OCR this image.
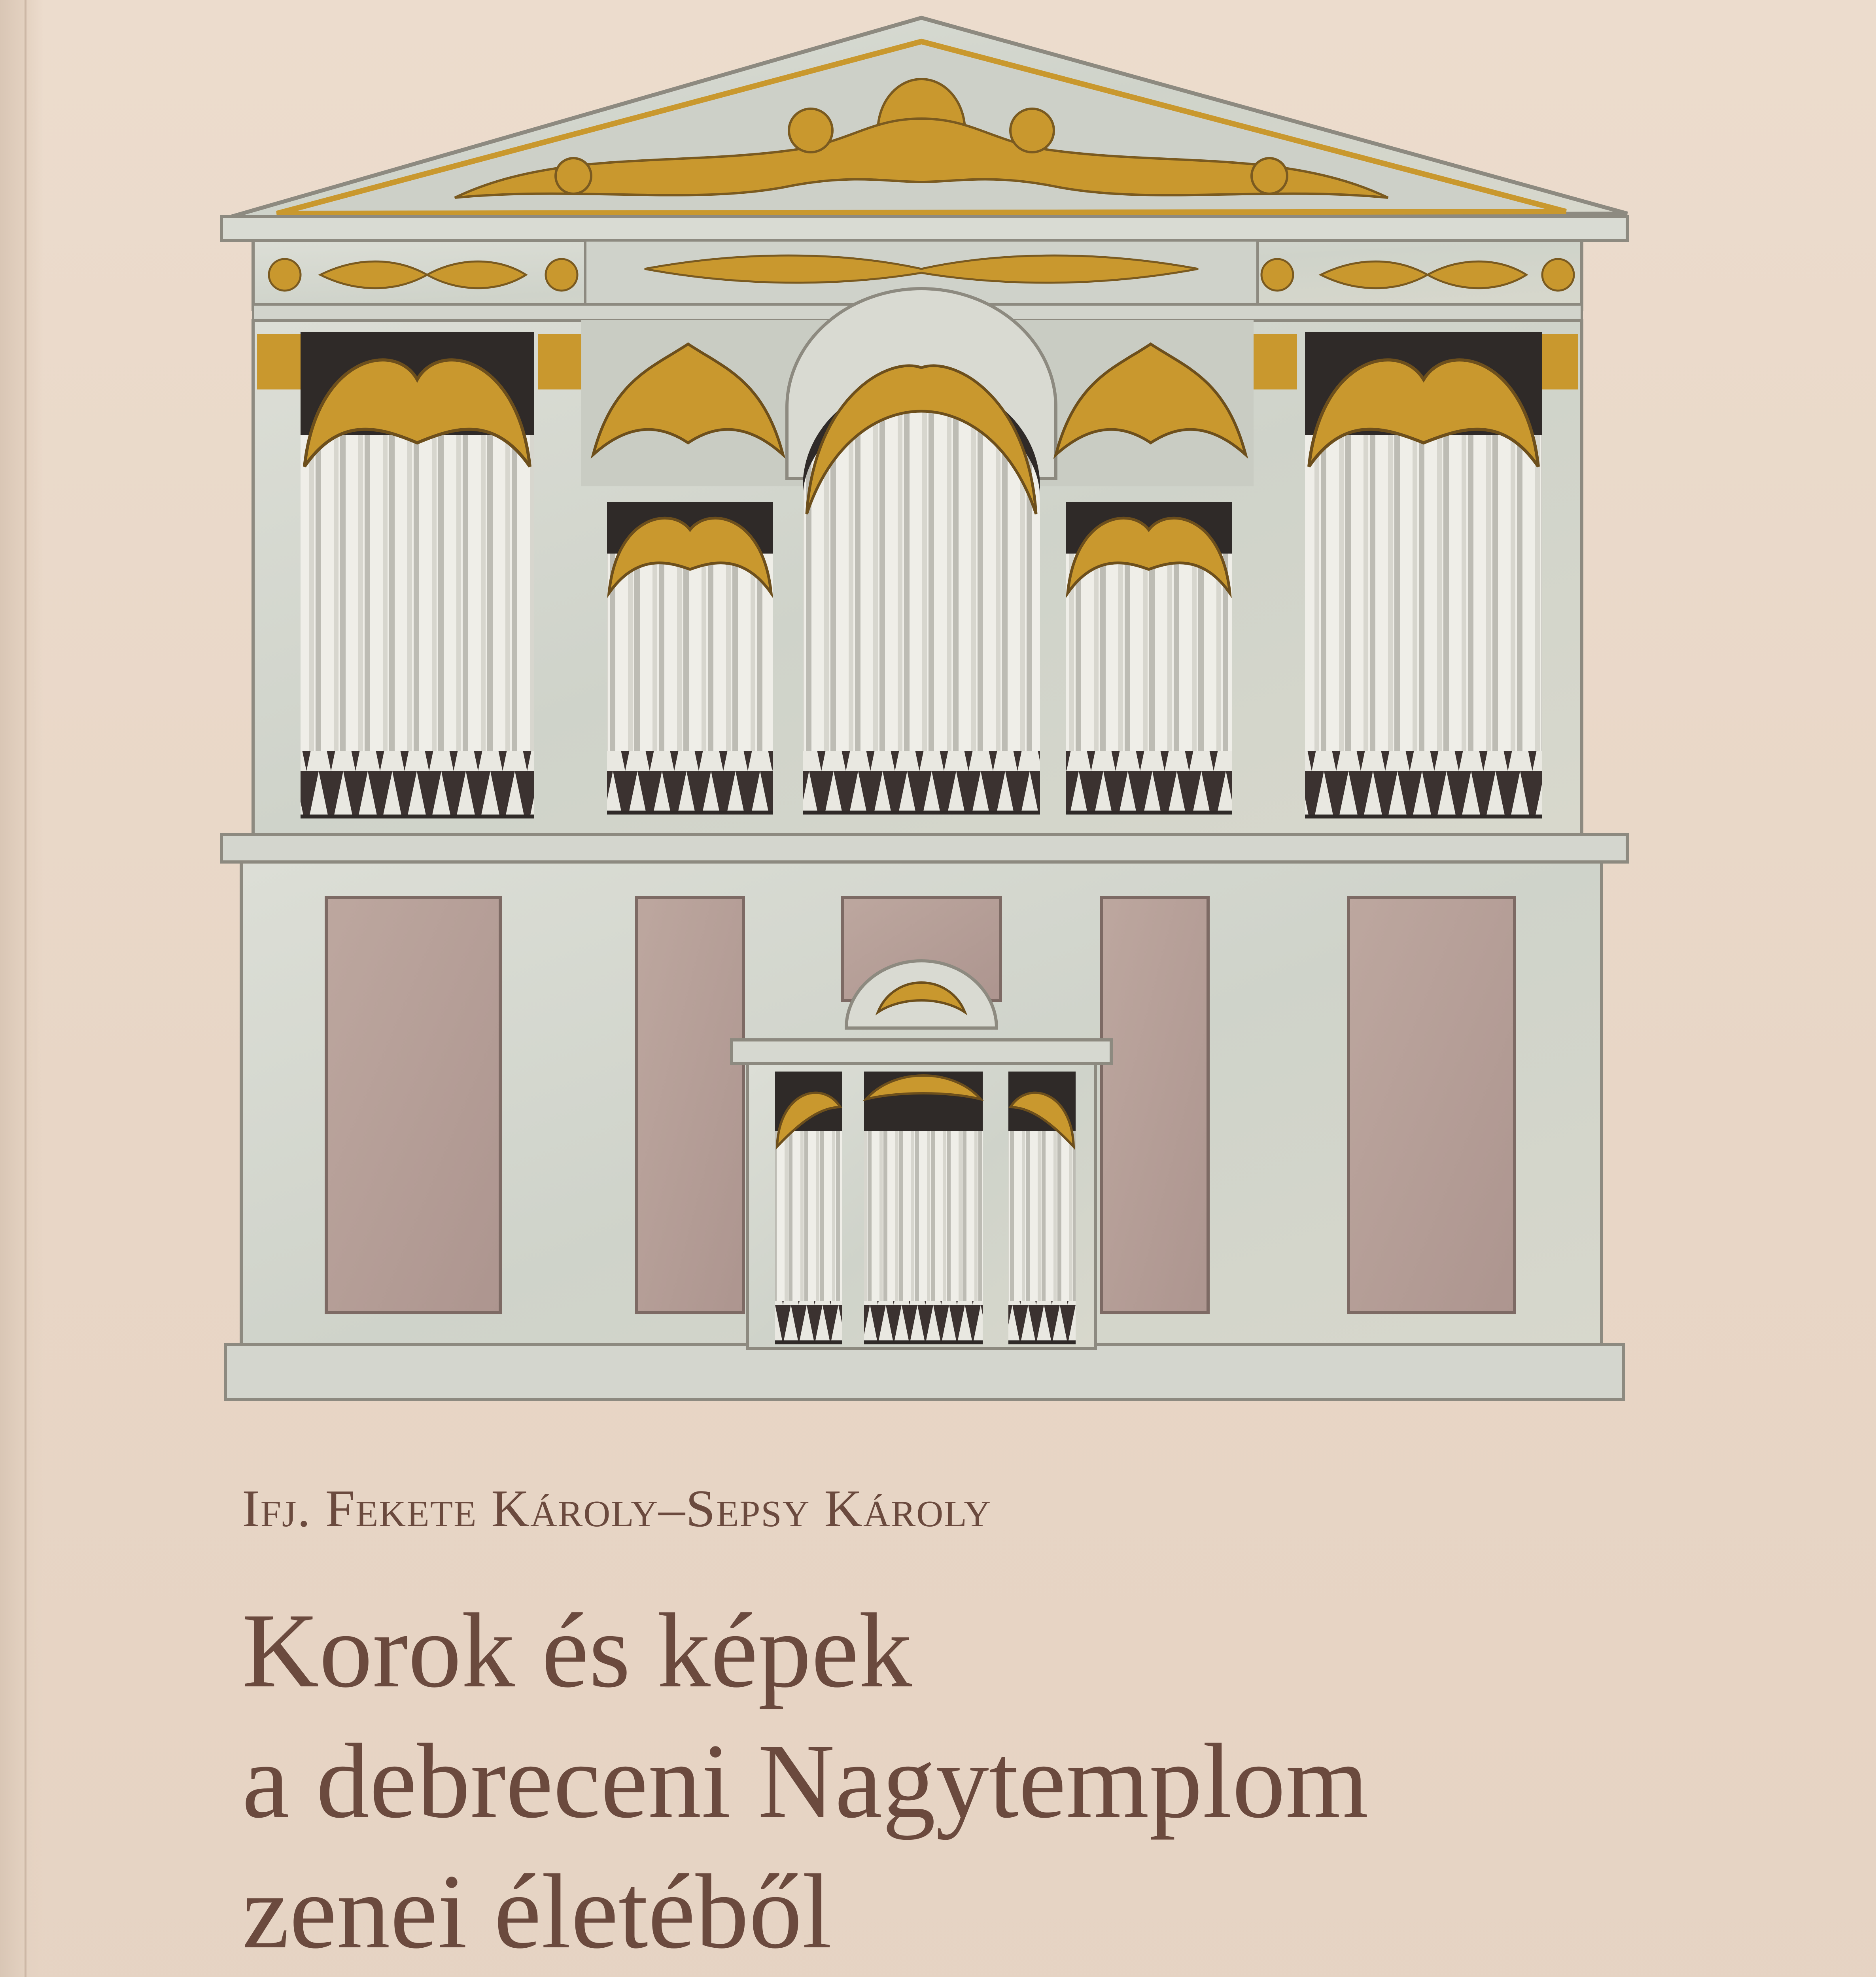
Ifj. Fekete Károly–Sepsy Károly
Korok és képek
a debreceni Nagytemplom
zenei életéből
